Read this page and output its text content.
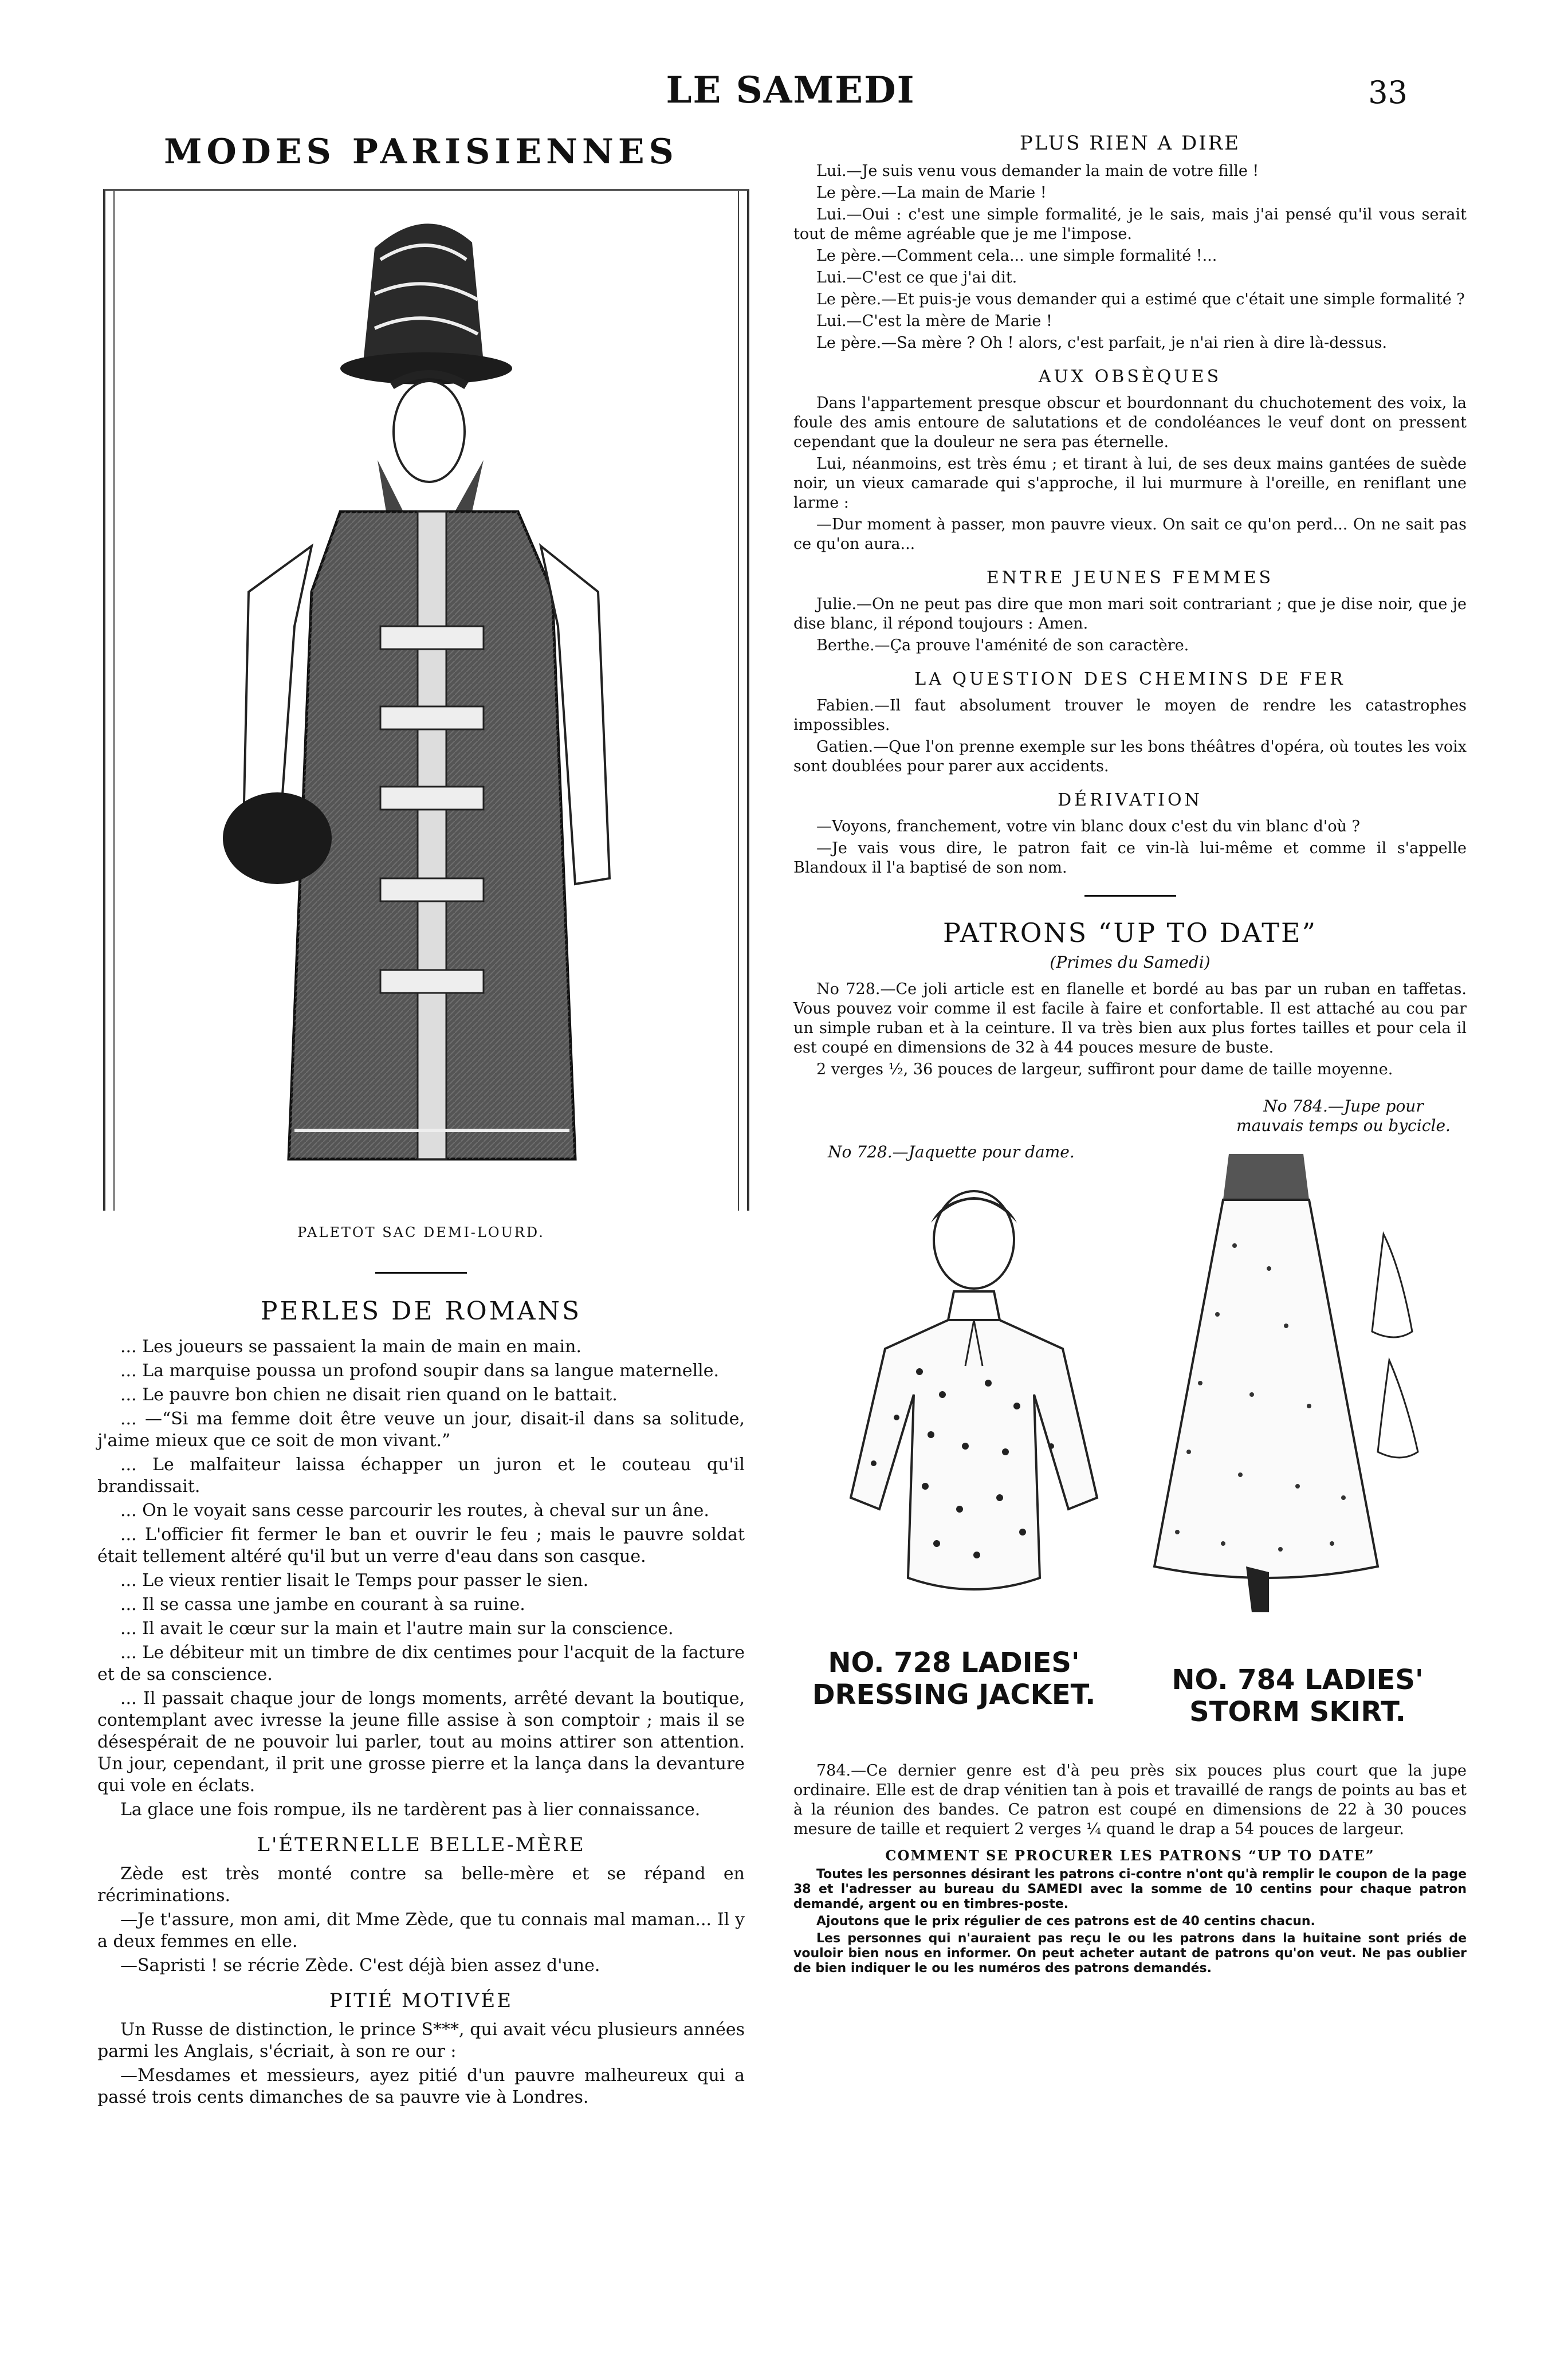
LE SAMEDI	33
MODES PARISIENNES
PALETOT SAC DEMI-LOURD.
PERLES DE ROMANS

... Les joueurs se passaient la main de main en main.

... La marquise poussa un profond soupir dans sa langue maternelle.

... Le pauvre bon chien ne disait rien quand on le battait.

... —“Si ma femme doit être veuve un jour, disait-il dans sa solitude, j'aime mieux que ce soit de mon vivant.”

... Le malfaiteur laissa échapper un juron et le couteau qu'il brandissait.

... On le voyait sans cesse parcourir les routes, à cheval sur un âne.

... L'officier fit fermer le ban et ouvrir le feu ; mais le pauvre soldat était tellement altéré qu'il but un verre d'eau dans son casque.

... Le vieux rentier lisait le Temps pour passer le sien.

... Il se cassa une jambe en courant à sa ruine.

... Il avait le cœur sur la main et l'autre main sur la conscience.

... Le débiteur mit un timbre de dix centimes pour l'acquit de la facture et de sa conscience.

... Il passait chaque jour de longs moments, arrêté devant la boutique, contemplant avec ivresse la jeune fille assise à son comptoir ; mais il se désespérait de ne pouvoir lui parler, tout au moins attirer son attention. Un jour, cependant, il prit une grosse pierre et la lança dans la devanture qui vole en éclats.

La glace une fois rompue, ils ne tardèrent pas à lier connaissance.

L'ÉTERNELLE BELLE-MÈRE

Zède est très monté contre sa belle-mère et se répand en récriminations.

—Je t'assure, mon ami, dit Mme Zède, que tu connais mal maman... Il y a deux femmes en elle.

—Sapristi ! se récrie Zède. C'est déjà bien assez d'une.

PITIÉ MOTIVÉE

Un Russe de distinction, le prince S***, qui avait vécu plusieurs années parmi les Anglais, s'écriait, à son re our :

—Mesdames et messieurs, ayez pitié d'un pauvre malheureux qui a passé trois cents dimanches de sa pauvre vie à Londres.

PLUS RIEN A DIRE

Lui.—Je suis venu vous demander la main de votre fille !

Le père.—La main de Marie !

Lui.—Oui : c'est une simple formalité, je le sais, mais j'ai pensé qu'il vous serait tout de même agréable que je me l'impose.

Le père.—Comment cela... une simple formalité !...

Lui.—C'est ce que j'ai dit.

Le père.—Et puis-je vous demander qui a estimé que c'était une simple formalité ?

Lui.—C'est la mère de Marie !

Le père.—Sa mère ? Oh ! alors, c'est parfait, je n'ai rien à dire là-dessus.

AUX OBSÈQUES

Dans l'appartement presque obscur et bourdonnant du chuchotement des voix, la foule des amis entoure de salutations et de condoléances le veuf dont on pressent cependant que la douleur ne sera pas éternelle.

Lui, néanmoins, est très ému ; et tirant à lui, de ses deux mains gantées de suède noir, un vieux camarade qui s'approche, il lui murmure à l'oreille, en reniflant une larme :

—Dur moment à passer, mon pauvre vieux. On sait ce qu'on perd... On ne sait pas ce qu'on aura...

ENTRE JEUNES FEMMES

Julie.—On ne peut pas dire que mon mari soit contrariant ; que je dise noir, que je dise blanc, il répond toujours : Amen.

Berthe.—Ça prouve l'aménité de son caractère.

LA QUESTION DES CHEMINS DE FER

Fabien.—Il faut absolument trouver le moyen de rendre les catastrophes impossibles.

Gatien.—Que l'on prenne exemple sur les bons théâtres d'opéra, où toutes les voix sont doublées pour parer aux accidents.

DÉRIVATION

—Voyons, franchement, votre vin blanc doux c'est du vin blanc d'où ?

—Je vais vous dire, le patron fait ce vin-là lui-même et comme il s'appelle Blandoux il l'a baptisé de son nom.

PATRONS “UP TO DATE”
(Primes du Samedi)

No 728.—Ce joli article est en flanelle et bordé au bas par un ruban en taffetas. Vous pouvez voir comme il est facile à faire et confortable. Il est attaché au cou par un simple ruban et à la ceinture. Il va très bien aux plus fortes tailles et pour cela il est coupé en dimensions de 32 à 44 pouces mesure de buste.

2 verges ½, 36 pouces de largeur, suffiront pour dame de taille moyenne.

No 784.—Jupe pour mauvais temps ou bycicle.
No 728.—Jaquette pour dame.
NO. 728 LADIES'
DRESSING JACKET.	NO. 784 LADIES'
STORM SKIRT.

784.—Ce dernier genre est d'à peu près six pouces plus court que la jupe ordinaire. Elle est de drap vénitien tan à pois et travaillé de rangs de points au bas et à la réunion des bandes. Ce patron est coupé en dimensions de 22 à 30 pouces mesure de taille et requiert 2 verges ¼ quand le drap a 54 pouces de largeur.

COMMENT SE PROCURER LES PATRONS “UP TO DATE”

Toutes les personnes désirant les patrons ci-contre n'ont qu'à remplir le coupon de la page 38 et l'adresser au bureau du SAMEDI avec la somme de 10 centins pour chaque patron demandé, argent ou en timbres-poste.

Ajoutons que le prix régulier de ces patrons est de 40 centins chacun.

Les personnes qui n'auraient pas reçu le ou les patrons dans la huitaine sont priés de vouloir bien nous en informer. On peut acheter autant de patrons qu'on veut. Ne pas oublier de bien indiquer le ou les numéros des patrons demandés.
